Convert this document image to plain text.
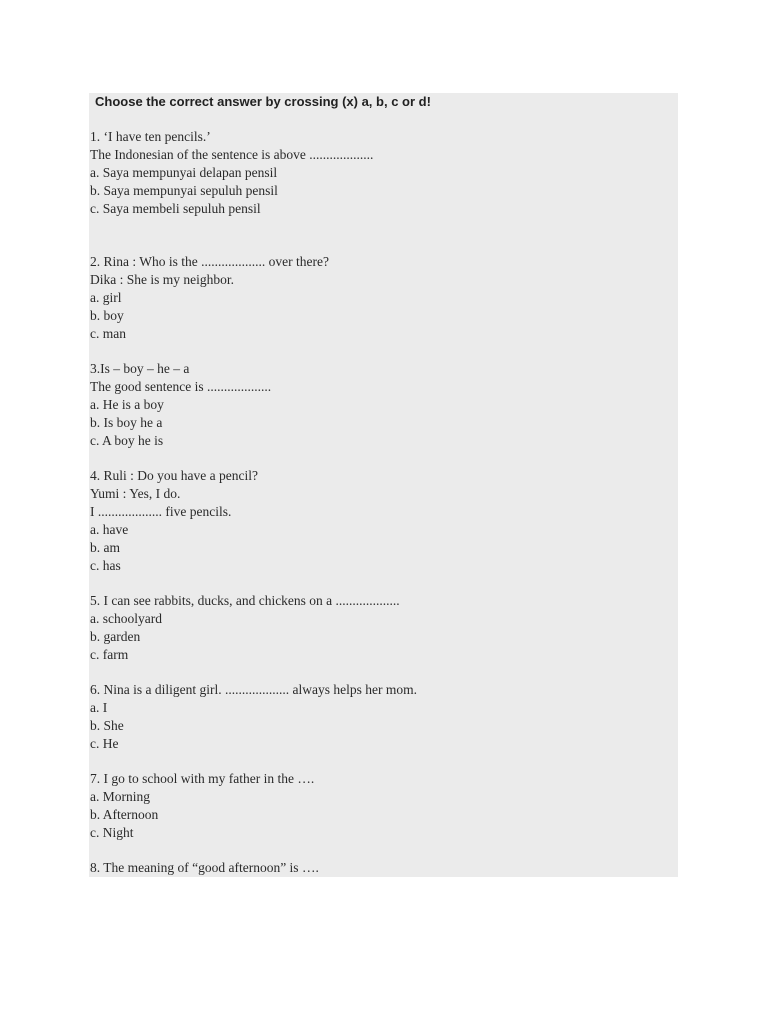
Choose the correct answer by crossing (x) a, b, c or d!
1. ‘I have ten pencils.’
The Indonesian of the sentence is above ...................
a. Saya mempunyai delapan pensil
b. Saya mempunyai sepuluh pensil
c. Saya membeli sepuluh pensil
2. Rina : Who is the ................... over there?
Dika : She is my neighbor.
a. girl
b. boy
c. man
3.Is – boy – he – a
The good sentence is ...................
a. He is a boy
b. Is boy he a
c. A boy he is
4. Ruli : Do you have a pencil?
Yumi : Yes, I do.
I ................... five pencils.
a. have
b. am
c. has
5. I can see rabbits, ducks, and chickens on a ...................
a. schoolyard
b. garden
c. farm
6. Nina is a diligent girl. ................... always helps her mom.
a. I
b. She
c. He
7. I go to school with my father in the ….
a. Morning
b. Afternoon
c. Night
8. The meaning of “good afternoon” is ….
